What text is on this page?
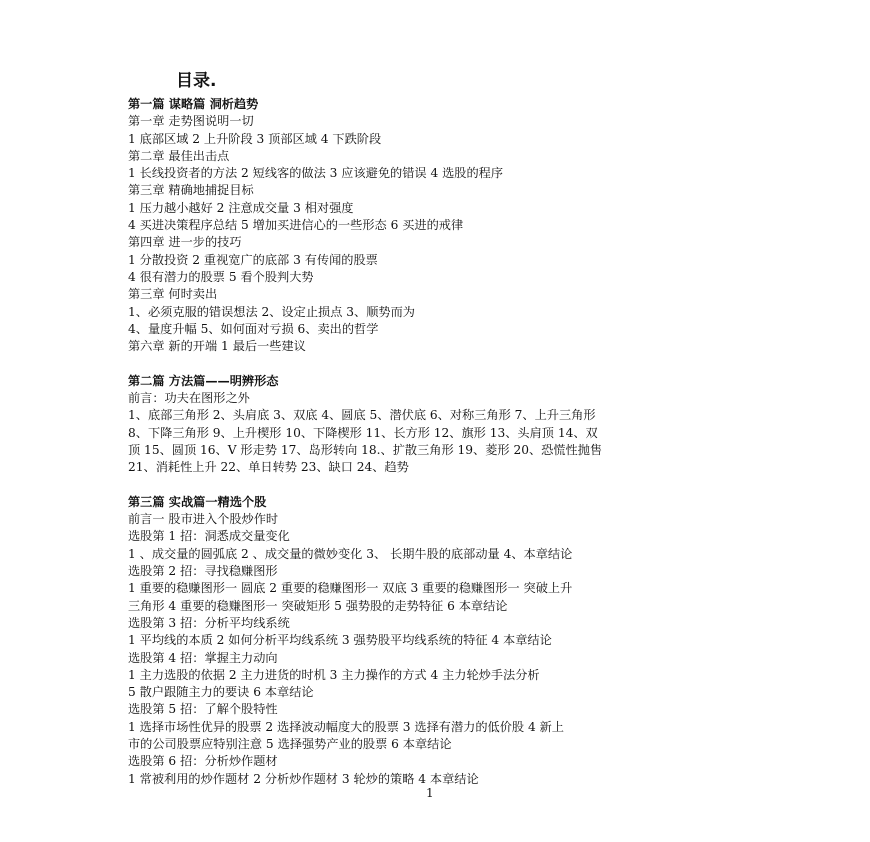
目录.
第一篇 谋略篇 洞析趋势
第一章 走势图说明一切
1 底部区域 2 上升阶段 3 顶部区域 4 下跌阶段
第二章 最佳出击点
1 长线投资者的方法 2 短线客的做法 3 应该避免的错误 4 选股的程序
第三章 精确地捕捉目标
1 压力越小越好 2 注意成交量 3 相对强度
4 买进决策程序总结 5 增加买进信心的一些形态 6 买进的戒律
第四章 进一步的技巧
1 分散投资 2 重视宽广的底部 3 有传闻的股票
4 很有潜力的股票 5 看个股判大势
第三章 何时卖出
1、必须克服的错误想法 2、设定止损点 3、顺势而为
4、量度升幅 5、如何面对亏损 6、卖出的哲学
第六章 新的开端 1 最后一些建议
第二篇 方法篇——明辨形态
前言：功夫在图形之外
1、底部三角形 2、头肩底 3、双底 4、圆底 5、潜伏底 6、对称三角形 7、上升三角形
8、下降三角形 9、上升楔形 10、下降楔形 11、长方形 12、旗形 13、头肩顶 14、双
顶 15、圆顶 16、V 形走势 17、岛形转向 18.、扩散三角形 19、菱形 20、恐慌性抛售
21、消耗性上升 22、单日转势 23、缺口 24、趋势
第三篇 实战篇一精选个股
前言一 股市进入个股炒作时
选股第 1 招：洞悉成交量变化
1 、成交量的圆弧底 2 、成交量的微妙变化 3、 长期牛股的底部动量 4、本章结论
选股第 2 招：寻找稳赚图形
1 重要的稳赚图形一 圆底 2 重要的稳赚图形一 双底 3 重要的稳赚图形一 突破上升
三角形 4 重要的稳赚图形一 突破矩形 5 强势股的走势特征 6 本章结论
选股第 3 招：分析平均线系统
1 平均线的本质 2 如何分析平均线系统 3 强势股平均线系统的特征 4 本章结论
选股第 4 招：掌握主力动向
1 主力选股的依据 2 主力进货的时机 3 主力操作的方式 4 主力轮炒手法分析
5 散户跟随主力的要诀 6 本章结论
选股第 5 招：了解个股特性
1 选择市场性优异的股票 2 选择波动幅度大的股票 3 选择有潜力的低价股 4 新上
市的公司股票应特别注意 5 选择强势产业的股票 6 本章结论
选股第 6 招：分析炒作题材
1 常被利用的炒作题材 2 分析炒作题材 3 轮炒的策略 4 本章结论
1
